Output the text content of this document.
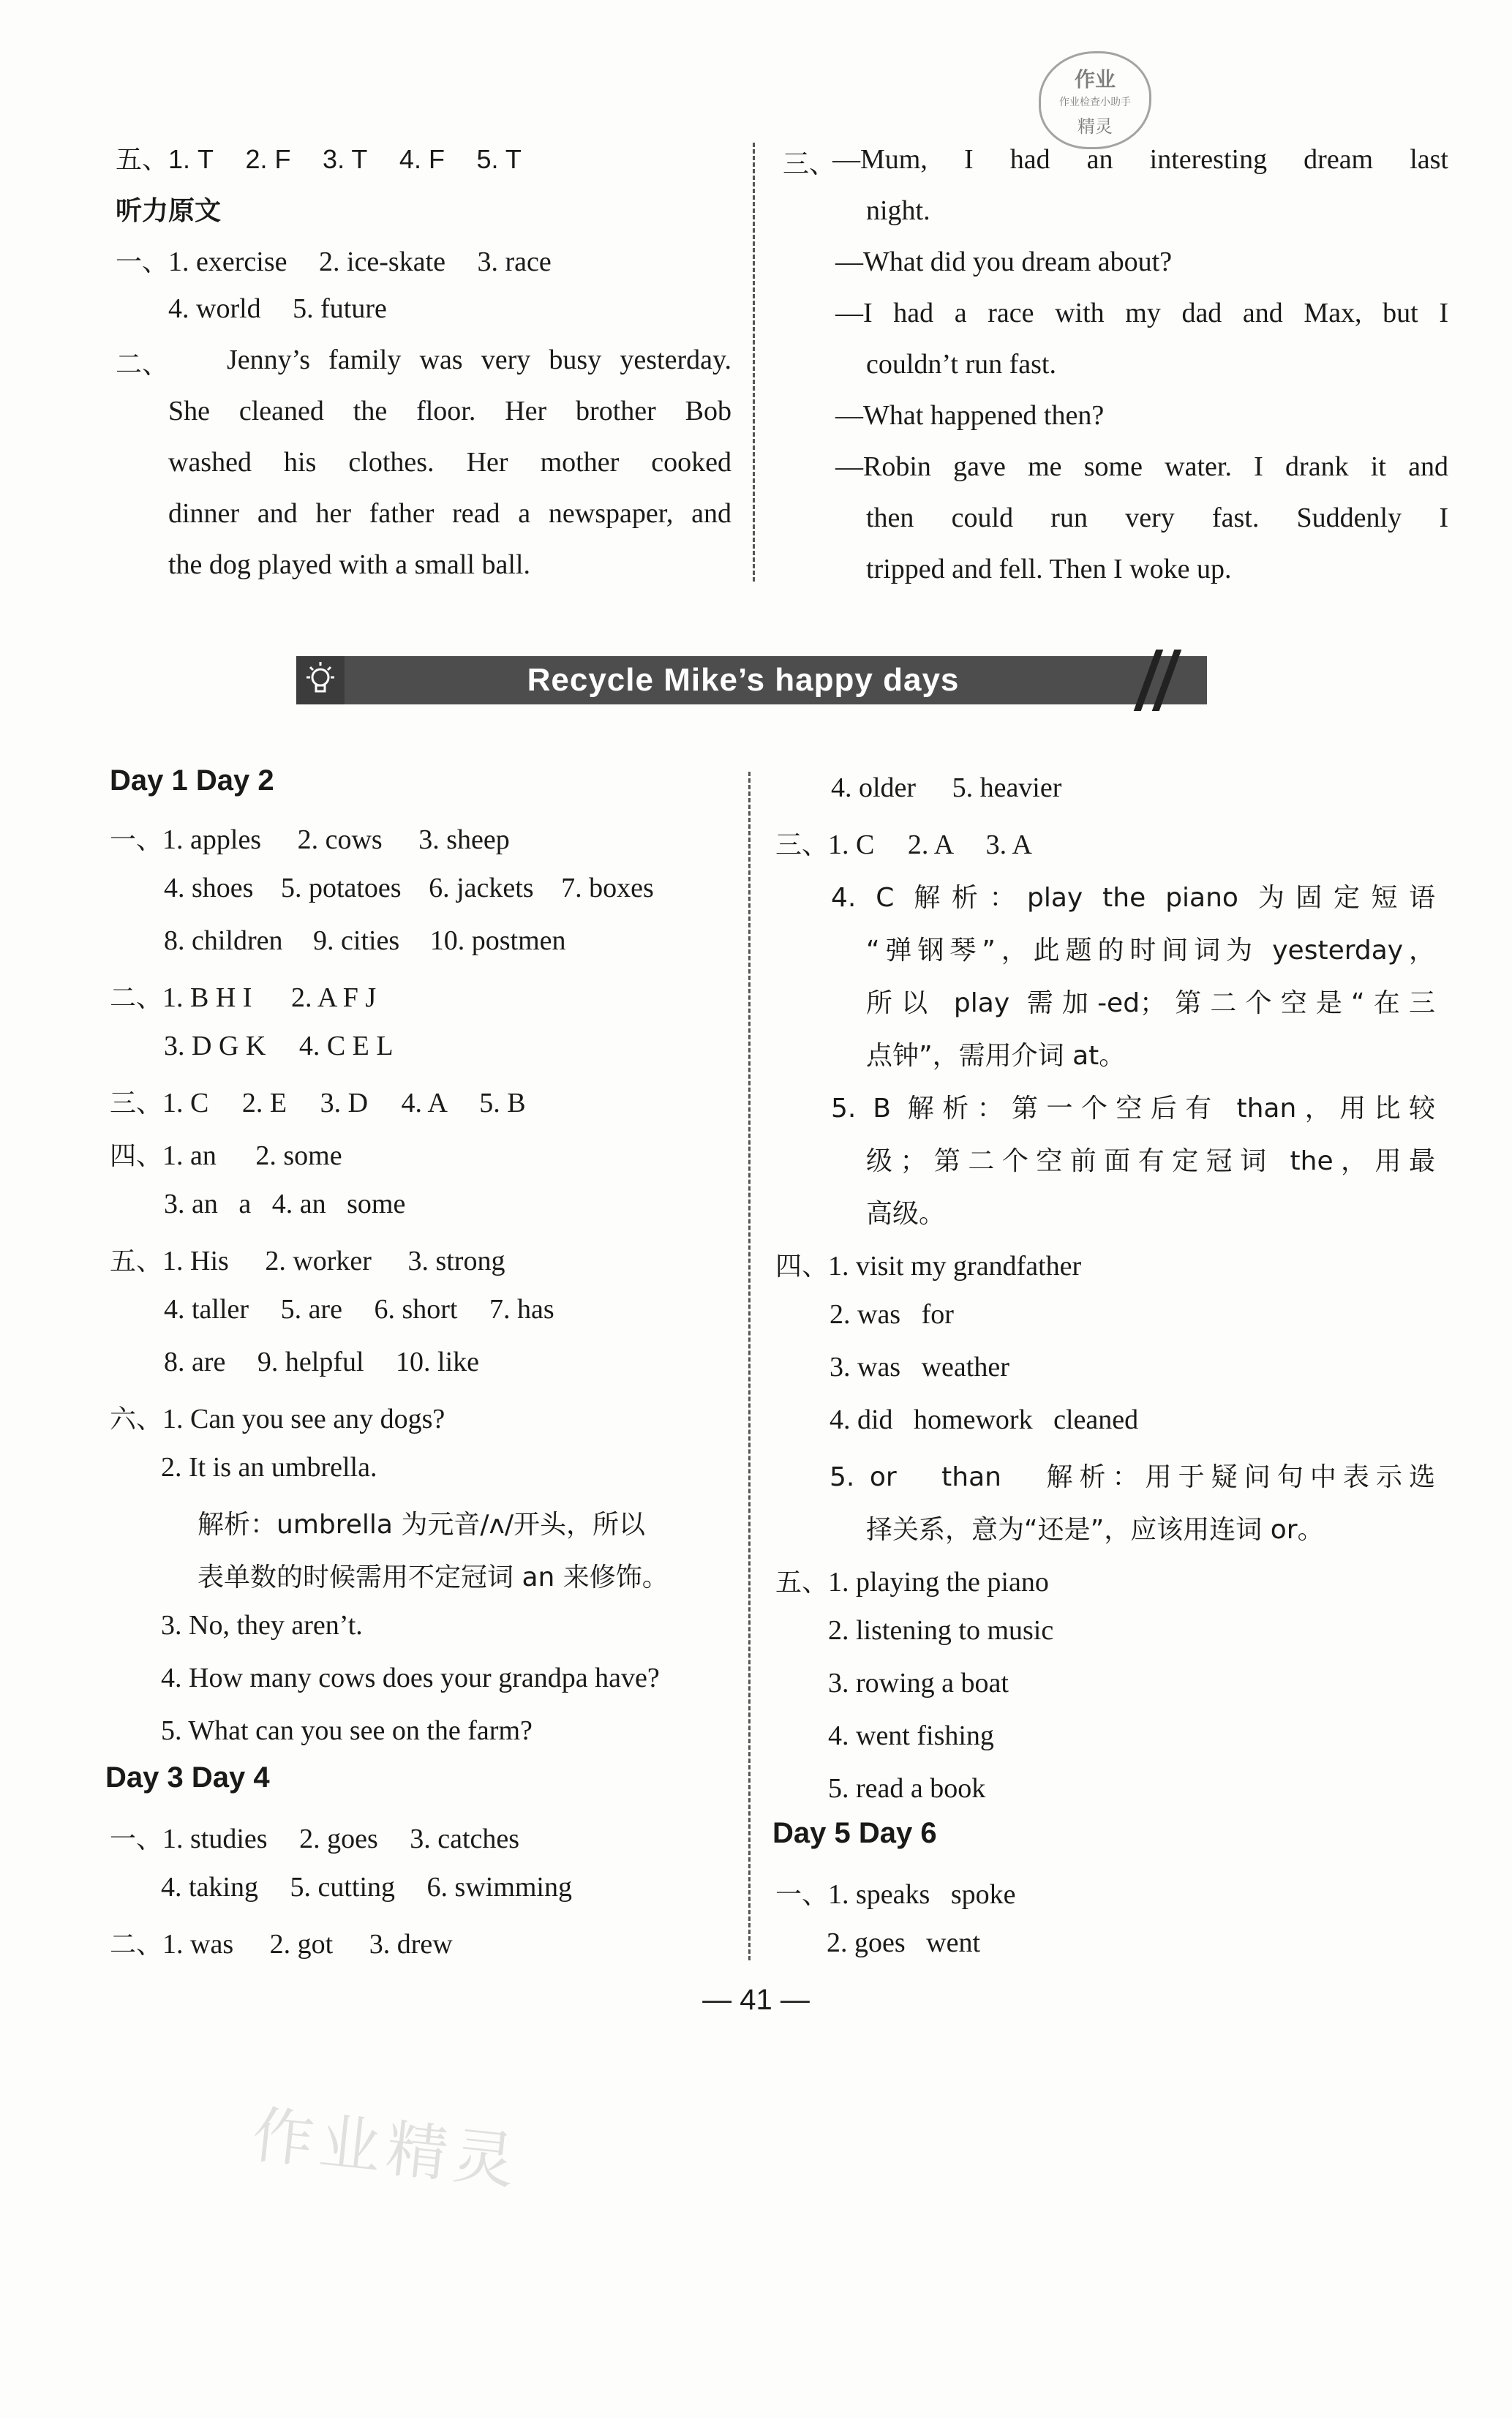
作业
作业检查小助手
精灵
五、1. T 2. F 3. T 4. F 5. T
听力原文
一、1. exercise 2. ice-skate 3. race
4. world 5. future
二、 Jenny’s family was very busy yesterday.
She cleaned the floor. Her brother Bob
washed his clothes. Her mother cooked
dinner and her father read a newspaper, and
the dog played with a small ball.
三、
—Mum, I had an interesting dream last
night.
—What did you dream about?
—I had a race with my dad and Max, but I
couldn’t run fast.
—What happened then?
—Robin gave me some water. I drank it and
then could run very fast. Suddenly I
tripped and fell. Then I woke up.
Recycle Mike’s happy days
Day 1 Day 2
一、1. apples 2. cows 3. sheep
4. shoes 5. potatoes 6. jackets 7. boxes
8. children 9. cities 10. postmen
二、1. B H I 2. A F J
3. D G K 4. C E L
三、1. C 2. E 3. D 4. A 5. B
四、1. an 2. some
3. an   a 4. an   some
五、1. His 2. worker 3. strong
4. taller 5. are 6. short 7. has
8. are 9. helpful 10. like
六、1. Can you see any dogs?
2. It is an umbrella.
解析：umbrella 为元音/ʌ/开头，所以
表单数的时候需用不定冠词 an 来修饰。
3. No, they aren’t.
4. How many cows does your grandpa have?
5. What can you see on the farm?
Day 3 Day 4
一、1. studies 2. goes 3. catches
4. taking 5. cutting 6. swimming
二、1. was 2. got 3. drew
4. older 5. heavier
三、1. C 2. A 3. A
4. C 解析：play the piano 为固定短语
“弹钢琴”，此题的时间词为 yesterday，
所以 play 需加-ed；第二个空是“在三
点钟”，需用介词 at。
5. B 解析：第一个空后有 than，用比较
级；第二个空前面有定冠词 the，用最
高级。
四、1. visit my grandfather
2. was   for
3. was   weather
4. did   homework   cleaned
5. or   than   解析：用于疑问句中表示选
择关系，意为“还是”，应该用连词 or。
五、1. playing the piano
2. listening to music
3. rowing a boat
4. went fishing
5. read a book
Day 5 Day 6
一、1. speaks   spoke
2. goes   went
— 41 —
作业精灵
